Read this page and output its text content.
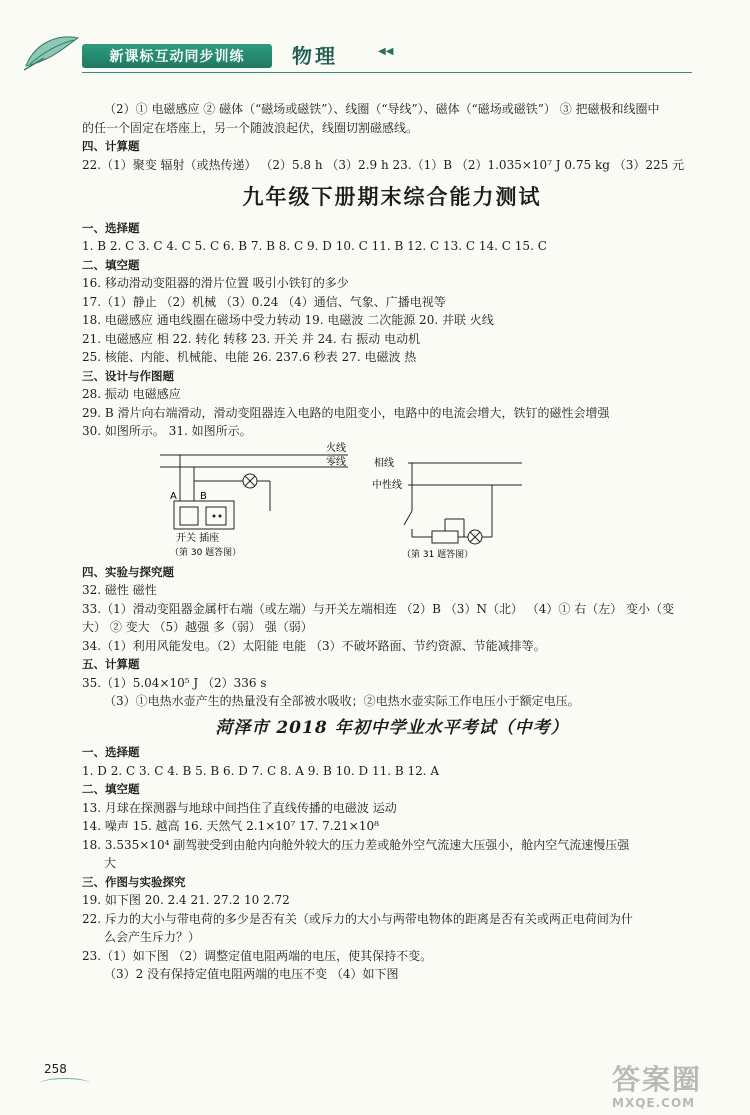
新课标互动同步训练	物理	◀◀
（2）① 电磁感应 ② 磁体（“磁场或磁铁”）、线圈（“导线”）、磁体（“磁场或磁铁”） ③ 把磁极和线圈中
的任一个固定在塔座上，另一个随波浪起伏，线圈切割磁感线。
四、计算题
22.（1）聚变 辐射（或热传递） （2）5.8 h （3）2.9 h 23.（1）B （2）1.035×10⁷ J 0.75 kg （3）225 元
九年级下册期末综合能力测试
一、选择题
1. B 2. C 3. C 4. C 5. C 6. B 7. B 8. C 9. D 10. C 11. B 12. C 13. C 14. C 15. C
二、填空题
16. 移动滑动变阻器的滑片位置 吸引小铁钉的多少
17.（1）静止 （2）机械 （3）0.24 （4）通信、气象、广播电视等
18. 电磁感应 通电线圈在磁场中受力转动 19. 电磁波 二次能源 20. 并联 火线
21. 电磁感应 相 22. 转化 转移 23. 开关 并 24. 右 振动 电动机
25. 核能、内能、机械能、电能 26. 237.6 秒表 27. 电磁波 热
三、设计与作图题
28. 振动 电磁感应
29. B 滑片向右端滑动，滑动变阻器连入电路的电阻变小，电路中的电流会增大，铁钉的磁性会增强
30. 如图所示。 31. 如图所示。
火线
零线
A B
开关 插座
（第 30 题答图）
相线
中性线
（第 31 题答图）
四、实验与探究题
32. 磁性 磁性
33.（1）滑动变阻器金属杆右端（或左端）与开关左端相连 （2）B （3）N（北） （4）① 右（左） 变小（变
大） ② 变大 （5）越强 多（弱） 强（弱）
34.（1）利用风能发电。（2）太阳能 电能 （3）不破坏路面、节约资源、节能减排等。
五、计算题
35.（1）5.04×10⁵ J （2）336 s
（3）①电热水壶产生的热量没有全部被水吸收；②电热水壶实际工作电压小于额定电压。
菏泽市 2018 年初中学业水平考试（中考）
一、选择题
1. D 2. C 3. C 4. B 5. B 6. D 7. C 8. A 9. B 10. D 11. B 12. A
二、填空题
13. 月球在探测器与地球中间挡住了直线传播的电磁波 运动
14. 噪声 15. 越高 16. 天然气 2.1×10⁷ 17. 7.21×10⁸
18. 3.535×10⁴ 副驾驶受到由舱内向舱外较大的压力差或舱外空气流速大压强小，舱内空气流速慢压强
大
三、作图与实验探究
19. 如下图 20. 2.4 21. 27.2 10 2.72
22. 斥力的大小与带电荷的多少是否有关（或斥力的大小与两带电物体的距离是否有关或两正电荷间为什
么会产生斥力？）
23.（1）如下图 （2）调整定值电阻两端的电压，使其保持不变。
（3）2 没有保持定值电阻两端的电压不变 （4）如下图
258	答案圈
MXQE.COM
